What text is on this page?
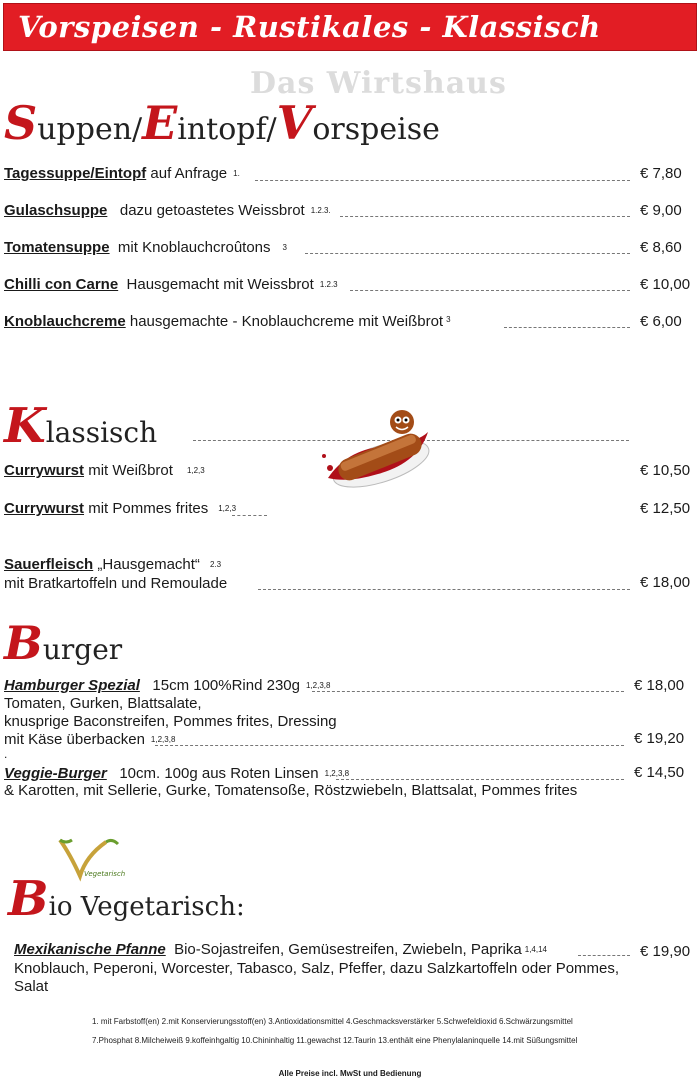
Vorspeisen - Rustikales - Klassisch
Das Wirtshaus
Suppen/Eintopf/Vorspeise
Tagessuppe/Eintopf auf Anfrage 1.	€ 7,80
Gulaschsuppe dazu getoastetes Weissbrot 1.2.3.	€ 9,00
Tomatensuppe mit Knoblauchcroûtons 3	€ 8,60
Chilli con Carne Hausgemacht mit Weissbrot 1.2.3	€ 10,00
Knoblauchcreme hausgemachte - Knoblauchcreme mit Weißbrot $^3$	€ 6,00
Klassisch
Currywurst mit Weißbrot 1,2,3	€ 10,50
Currywurst mit Pommes frites 1,2,3	€ 12,50
Sauerfleisch „Hausgemacht“ 2.3
mit Bratkartoffeln und Remoulade	€ 18,00
Burger
Hamburger Spezial 15cm 100%Rind 230g 1,2,3,8	€ 18,00
Tomaten, Gurken, Blattsalate,
knusprige Baconstreifen, Pommes frites, Dressing
mit Käse überbacken 1,2,3,8	€ 19,20
.
Veggie-Burger 10cm. 100g aus Roten Linsen 1,2,3,8	€ 14,50
& Karotten, mit Sellerie, Gurke, Tomatensoße, Röstzwiebeln, Blattsalat, Pommes frites
Vegetarisch
Bio Vegetarisch:
Mexikanische Pfanne Bio-Sojastreifen, Gemüsestreifen, Zwiebeln, Paprika 1,4,14	€ 19,90
Knoblauch, Peperoni, Worcester, Tabasco, Salz, Pfeffer, dazu Salzkartoffeln oder Pommes,
Salat
1. mit Farbstoff(en) 2.mit Konservierungsstoff(en) 3.Antioxidationsmittel 4.Geschmacksverstärker 5.Schwefeldioxid 6.Schwärzungsmittel
7.Phosphat 8.Milcheiweiß 9.koffeinhgaltig 10.Chininhaltig 11.gewachst 12.Taurin 13.enthält eine Phenylalaninquelle 14.mit Süßungsmittel
Alle Preise incl. MwSt und Bedienung
